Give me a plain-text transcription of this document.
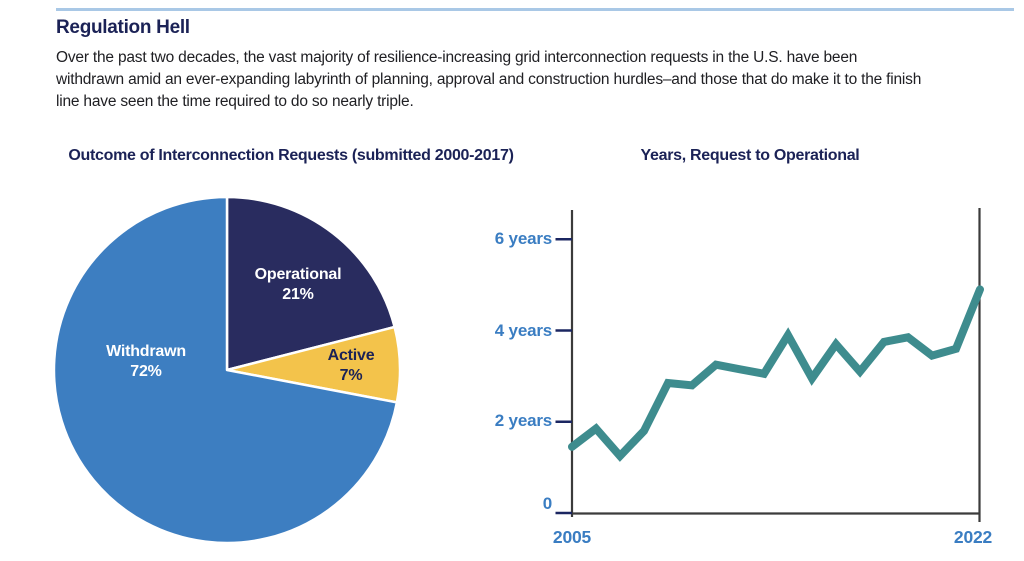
Regulation Hell
Over the past two decades, the vast majority of resilience-increasing grid interconnection requests in the U.S. have been
withdrawn amid an ever-expanding labyrinth of planning, approval and construction hurdles–and those that do make it to the finish
line have seen the time required to do so nearly triple.
Outcome of Interconnection Requests (submitted 2000-2017)	Years, Request to Operational
Operational
21%
Active
7%
Withdrawn
72%
6 years
4 years
2 years
0
2005	2022
